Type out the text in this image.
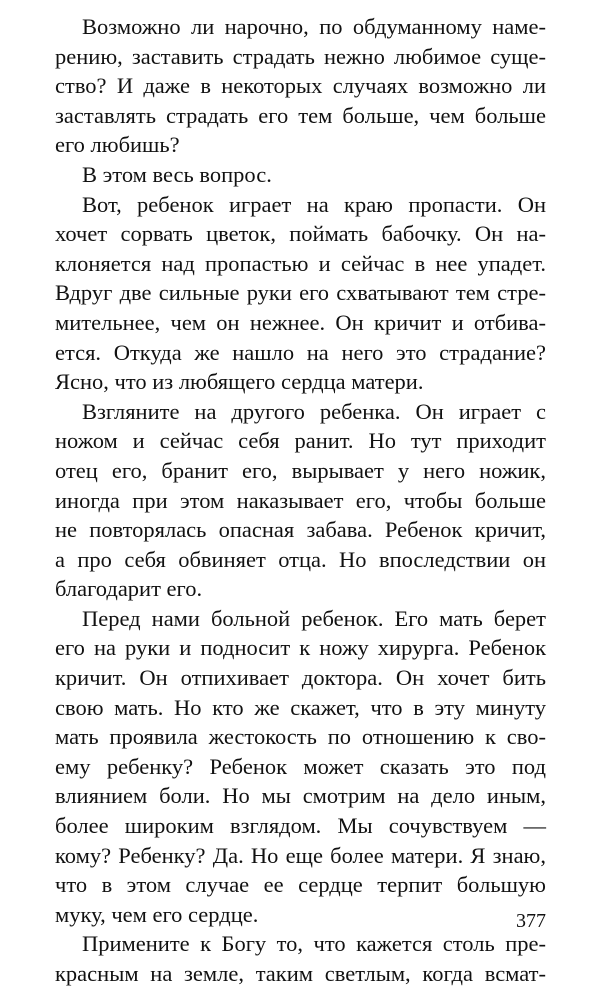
Возможно ли нарочно, по обдуманному наме-
рению, заставить страдать нежно любимое суще-
ство? И даже в некоторых случаях возможно ли
заставлять страдать его тем больше, чем больше
его любишь?
В этом весь вопрос.
Вот, ребенок играет на краю пропасти. Он
хочет сорвать цветок, поймать бабочку. Он на-
клоняется над пропастью и сейчас в нее упадет.
Вдруг две сильные руки его схватывают тем стре-
мительнее, чем он нежнее. Он кричит и отбива-
ется. Откуда же нашло на него это страдание?
Ясно, что из любящего сердца матери.
Взгляните на другого ребенка. Он играет с
ножом и сейчас себя ранит. Но тут приходит
отец его, бранит его, вырывает у него ножик,
иногда при этом наказывает его, чтобы больше
не повторялась опасная забава. Ребенок кричит,
а про себя обвиняет отца. Но впоследствии он
благодарит его.
Перед нами больной ребенок. Его мать берет
его на руки и подносит к ножу хирурга. Ребенок
кричит. Он отпихивает доктора. Он хочет бить
свою мать. Но кто же скажет, что в эту минуту
мать проявила жестокость по отношению к сво-
ему ребенку? Ребенок может сказать это под
влиянием боли. Но мы смотрим на дело иным,
более широким взглядом. Мы сочувствуем —
кому? Ребенку? Да. Но еще более матери. Я знаю,
что в этом случае ее сердце терпит большую
муку, чем его сердце.
Примените к Богу то, что кажется столь пре-
красным на земле, таким светлым, когда всмат-
377
